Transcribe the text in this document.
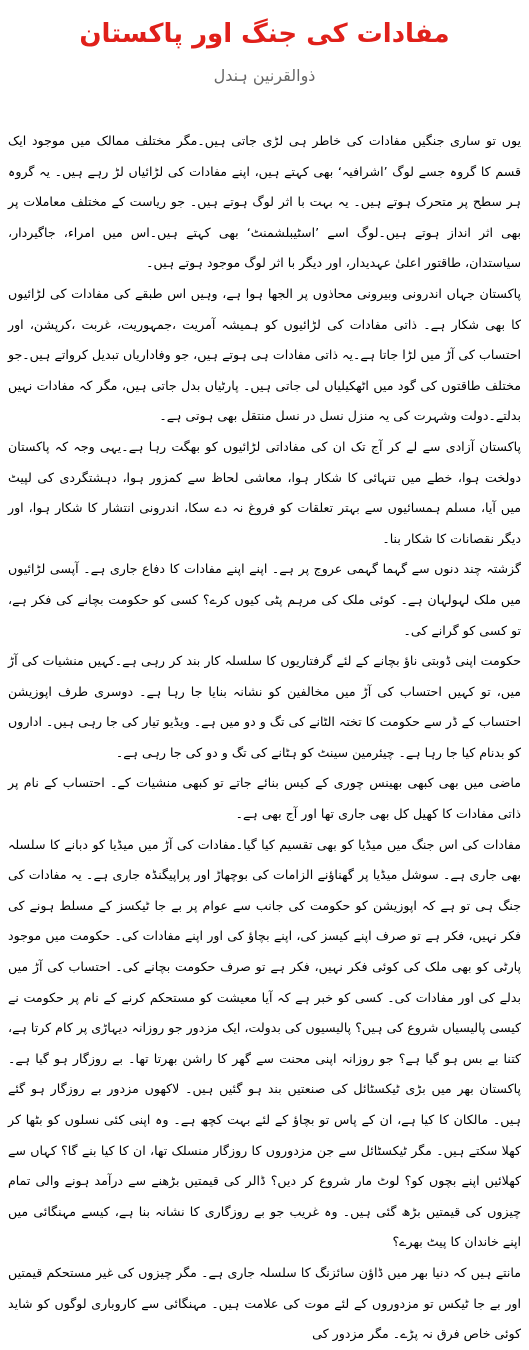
مفادات کی جنگ اور پاکستان
ذوالقرنین ہندل

یوں تو ساری جنگیں مفادات کی خاطر ہی لڑی جاتی ہیں۔مگر مختلف ممالک میں موجود ایک قسم کا گروہ جسے لوگ ’اشرافیہ‘ بھی کہتے ہیں، اپنے مفادات کی لڑائیاں لڑ رہے ہیں۔ یہ گروہ ہر سطح پر متحرک ہوتے ہیں۔ یہ بہت با اثر لوگ ہوتے ہیں۔ جو ریاست کے مختلف معاملات پر بھی اثر انداز ہوتے ہیں۔لوگ اسے ’اسٹیبلشمنٹ‘ بھی کہتے ہیں۔اس میں امراء، جاگیردار، سیاستدان، طاقتور اعلیٰ عہدیدار، اور دیگر با اثر لوگ موجود ہوتے ہیں۔

پاکستان جہاں اندرونی وبیرونی محاذوں پر الجھا ہوا ہے، وہیں اس طبقے کی مفادات کی لڑائیوں کا بھی شکار ہے۔ ذاتی مفادات کی لڑائیوں کو ہمیشہ آمریت ،جمہوریت، غربت ،کرپشن، اور احتساب کی آڑ میں لڑا جاتا ہے۔یہ ذاتی مفادات ہی ہوتے ہیں، جو وفاداریاں تبدیل کرواتے ہیں۔جو مختلف طاقتوں کی گود میں اٹھکیلیاں لی جاتی ہیں۔ پارٹیاں بدل جاتی ہیں، مگر کہ مفادات نہیں بدلتے۔دولت وشہرت کی یہ منزل نسل در نسل منتقل بھی ہوتی ہے۔

پاکستان آزادی سے لے کر آج تک ان کی مفاداتی لڑائیوں کو بھگت رہا ہے۔یہی وجہ کہ پاکستان دولخت ہوا، خطے میں تنہائی کا شکار ہوا، معاشی لحاظ سے کمزور ہوا، دہشتگردی کی لپیٹ میں آیا، مسلم ہمسائیوں سے بہتر تعلقات کو فروغ نہ دے سکا، اندرونی انتشار کا شکار ہوا، اور دیگر نقصانات کا شکار بنا۔

گزشتہ چند دنوں سے گہما گہمی عروج پر ہے۔ اپنے اپنے مفادات کا دفاع جاری ہے۔ آپسی لڑائیوں میں ملک لہولہان ہے۔ کوئی ملک کی مرہم پٹی کیوں کرے؟ کسی کو حکومت بچانے کی فکر ہے، تو کسی کو گرانے کی۔

حکومت اپنی ڈوبتی ناؤ بچانے کے لئے گرفتاریوں کا سلسلہ کار بند کر رہی ہے۔کہیں منشیات کی آڑ میں، تو کہیں احتساب کی آڑ میں مخالفین کو نشانہ بنایا جا رہا ہے۔ دوسری طرف اپوزیشن احتساب کے ڈر سے حکومت کا تختہ الٹانے کی تگ و دو میں ہے۔ ویڈیو تیار کی جا رہی ہیں۔ اداروں کو بدنام کیا جا رہا ہے۔ چیئرمین سینٹ کو ہٹانے کی تگ و دو کی جا رہی ہے۔

ماضی میں بھی کبھی بھینس چوری کے کیس بنائے جاتے تو کبھی منشیات کے۔ احتساب کے نام پر ذاتی مفادات کا کھیل کل بھی جاری تھا اور آج بھی ہے۔

مفادات کی اس جنگ میں میڈیا کو بھی تقسیم کیا گیا۔مفادات کی آڑ میں میڈیا کو دبانے کا سلسلہ بھی جاری ہے۔ سوشل میڈیا پر گھناؤنے الزامات کی بوچھاڑ اور پراپیگنڈہ جاری ہے۔ یہ مفادات کی جنگ ہی تو ہے کہ اپوزیشن کو حکومت کی جانب سے عوام پر بے جا ٹیکسز کے مسلط ہونے کی فکر نہیں، فکر ہے تو صرف اپنے کیسز کی، اپنے بچاؤ کی اور اپنے مفادات کی۔ حکومت میں موجود پارٹی کو بھی ملک کی کوئی فکر نہیں، فکر ہے تو صرف حکومت بچانے کی۔ احتساب کی آڑ میں بدلے کی اور مفادات کی۔ کسی کو خبر ہے کہ آیا معیشت کو مستحکم کرنے کے نام پر حکومت نے کیسی پالیسیاں شروع کی ہیں؟ پالیسیوں کی بدولت، ایک مزدور جو روزانہ دیہاڑی پر کام کرتا ہے، کتنا بے بس ہو گیا ہے؟ جو روزانہ اپنی محنت سے گھر کا راشن بھرتا تھا۔ بے روزگار ہو گیا ہے۔ پاکستان بھر میں بڑی ٹیکسٹائل کی صنعتیں بند ہو گئیں ہیں۔ لاکھوں مزدور بے روزگار ہو گئے ہیں۔ مالکان کا کیا ہے، ان کے پاس تو بچاؤ کے لئے بہت کچھ ہے۔ وہ اپنی کئی نسلوں کو بٹھا کر کھلا سکتے ہیں۔ مگر ٹیکسٹائل سے جن مزدوروں کا روزگار منسلک تھا، ان کا کیا بنے گا؟ کہاں سے کھلائیں اپنے بچوں کو؟ لوٹ مار شروع کر دیں؟ ڈالر کی قیمتیں بڑھنے سے درآمد ہونے والی تمام چیزوں کی قیمتیں بڑھ گئی ہیں۔ وہ غریب جو بے روزگاری کا نشانہ بنا ہے، کیسے مہنگائی میں اپنے خاندان کا پیٹ بھرے؟

مانتے ہیں کہ دنیا بھر میں ڈاؤن سائزنگ کا سلسلہ جاری ہے۔ مگر چیزوں کی غیر مستحکم قیمتیں اور بے جا ٹیکس تو مزدوروں کے لئے موت کی علامت ہیں۔ مہنگائی سے کاروباری لوگوں کو شاید کوئی خاص فرق نہ پڑے۔ مگر مزدور کی
